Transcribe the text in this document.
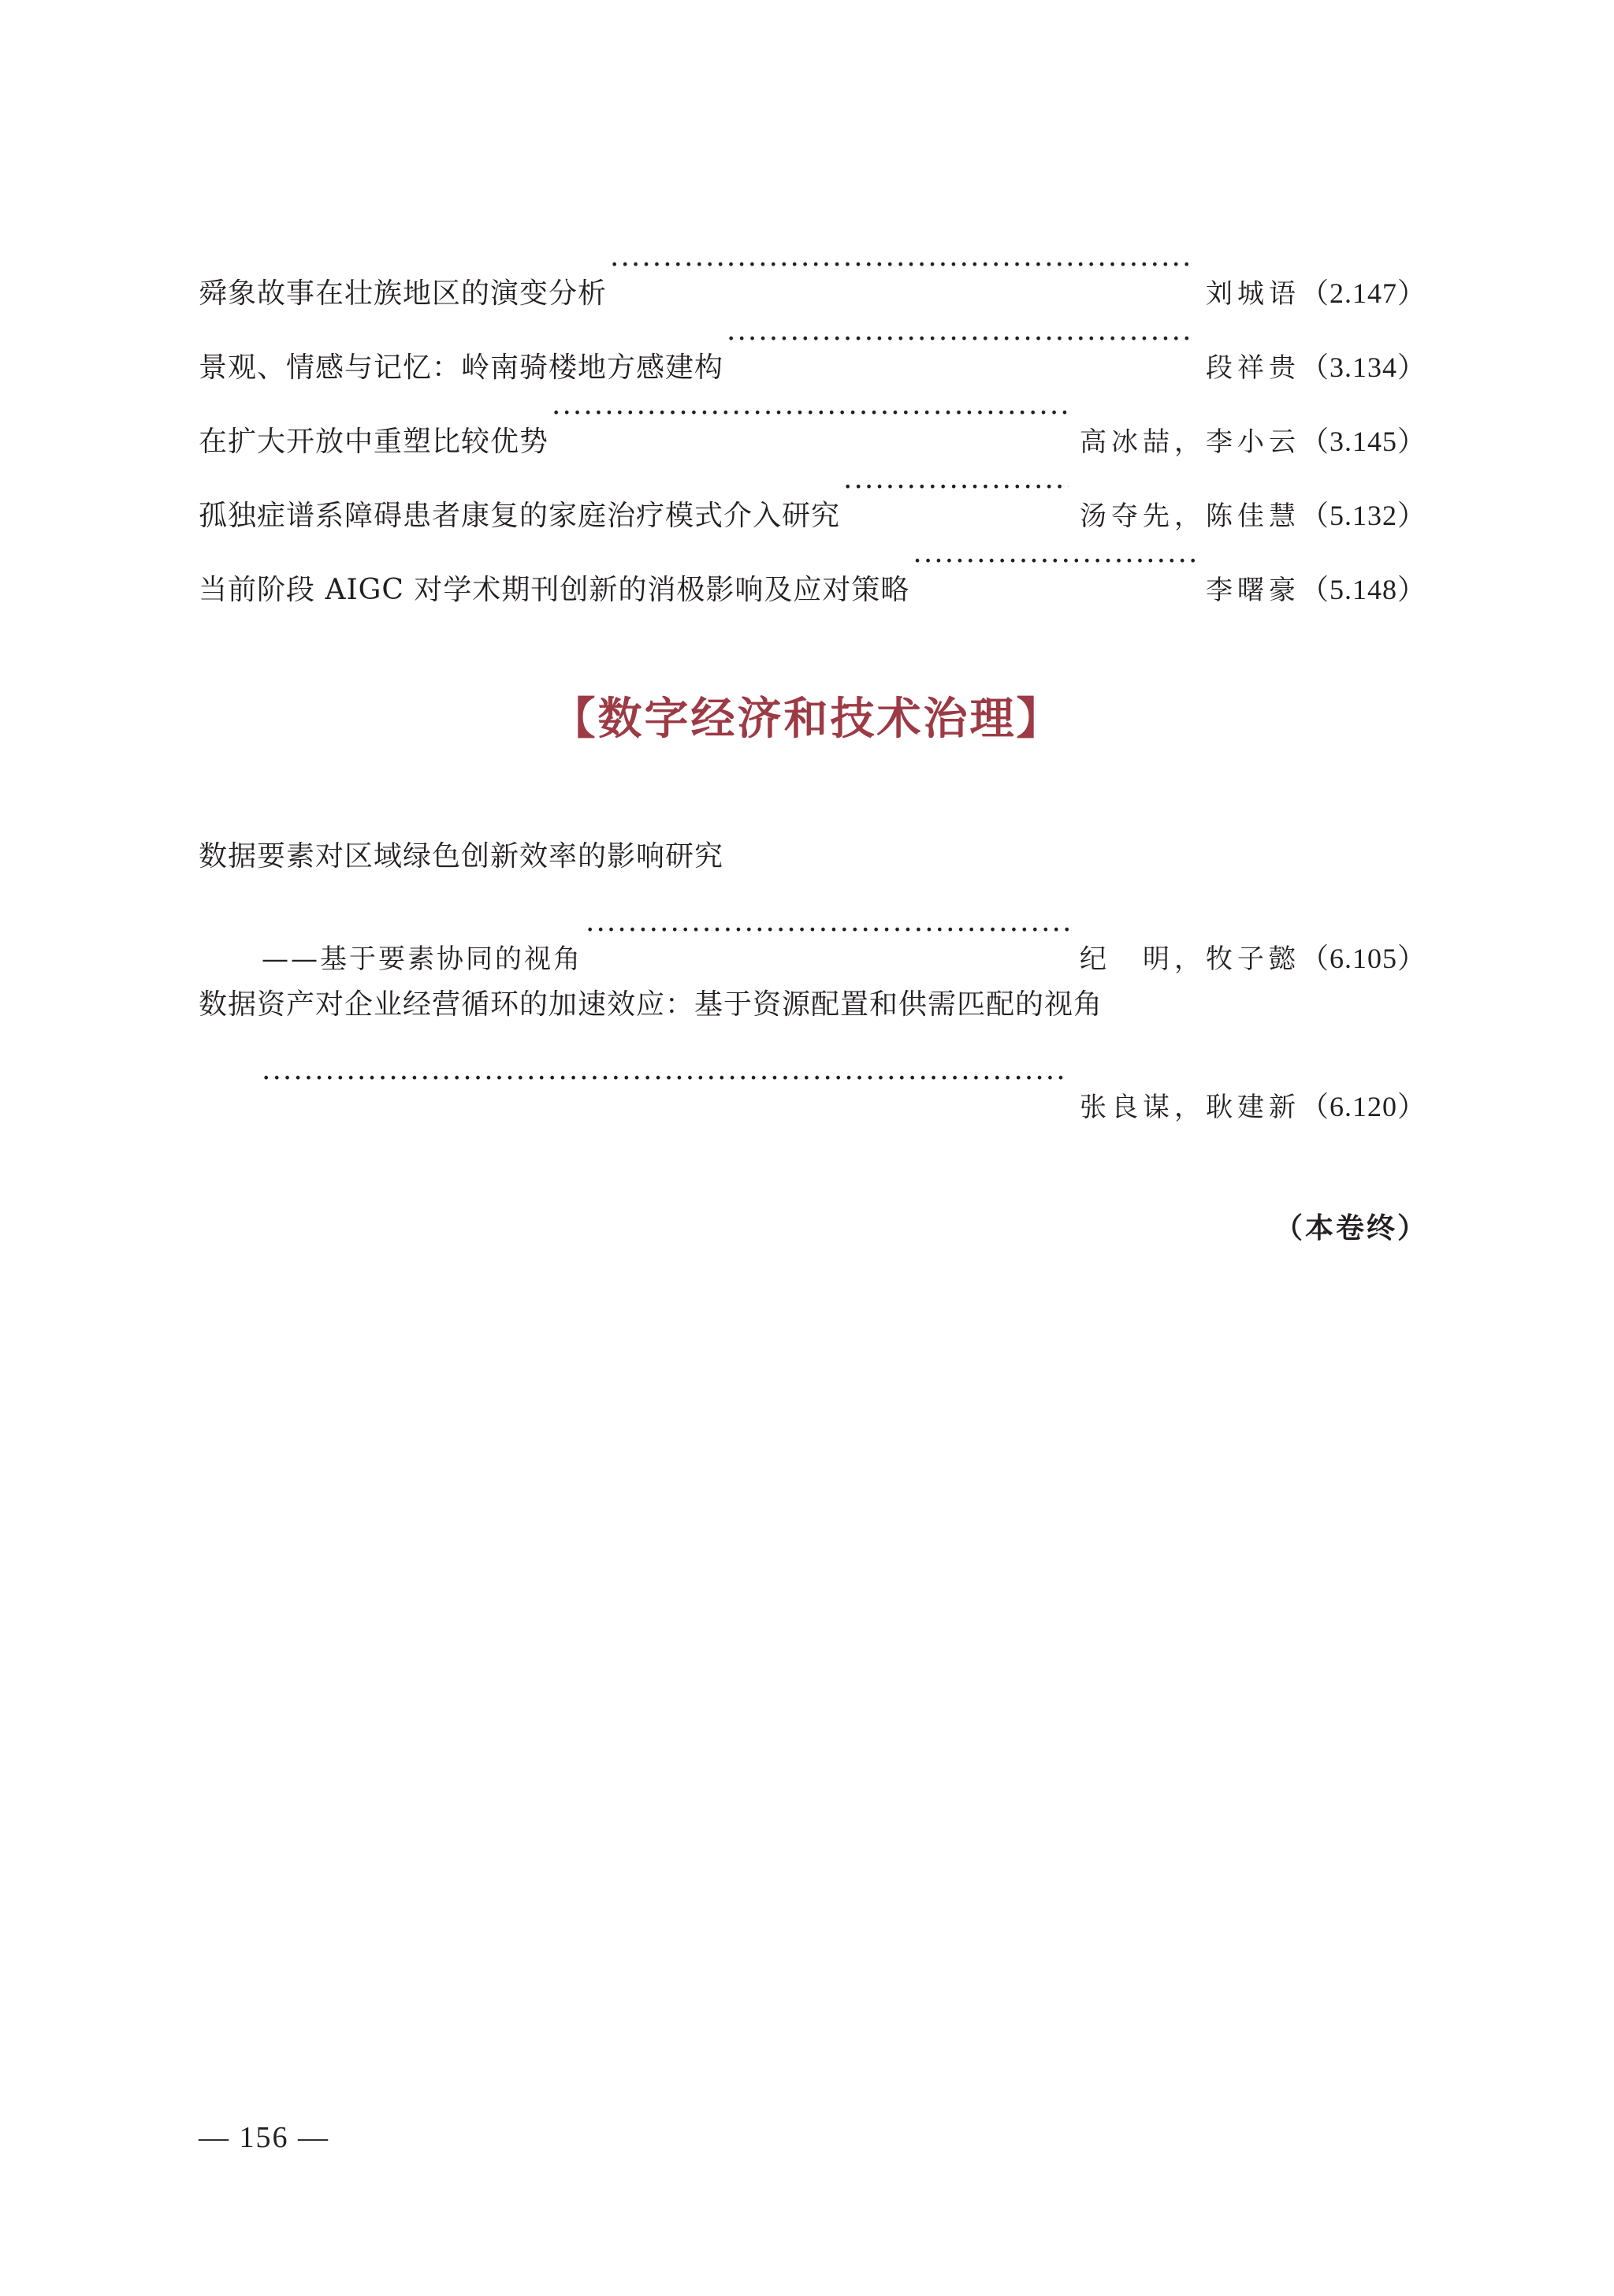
舜象故事在壮族地区的演变分析 ·····	刘城语 （2.147）
景观、情感与记忆：岭南骑楼地方感建构 ·····	段祥贵 （3.134）
在扩大开放中重塑比较优势 ·····	高冰喆，李小云 （3.145）
孤独症谱系障碍患者康复的家庭治疗模式介入研究 ·····	汤夺先，陈佳慧 （5.132）
当前阶段 AIGC 对学术期刊创新的消极影响及应对策略 ·····	李曙豪 （5.148）
【数字经济和技术治理】
数据要素对区域绿色创新效率的影响研究
——基于要素协同的视角 ·····	纪　明，牧子懿 （6.105）
数据资产对企业经营循环的加速效应：基于资源配置和供需匹配的视角
·····
张良谋，耿建新 （6.120）
（本卷终）
— 156 —
